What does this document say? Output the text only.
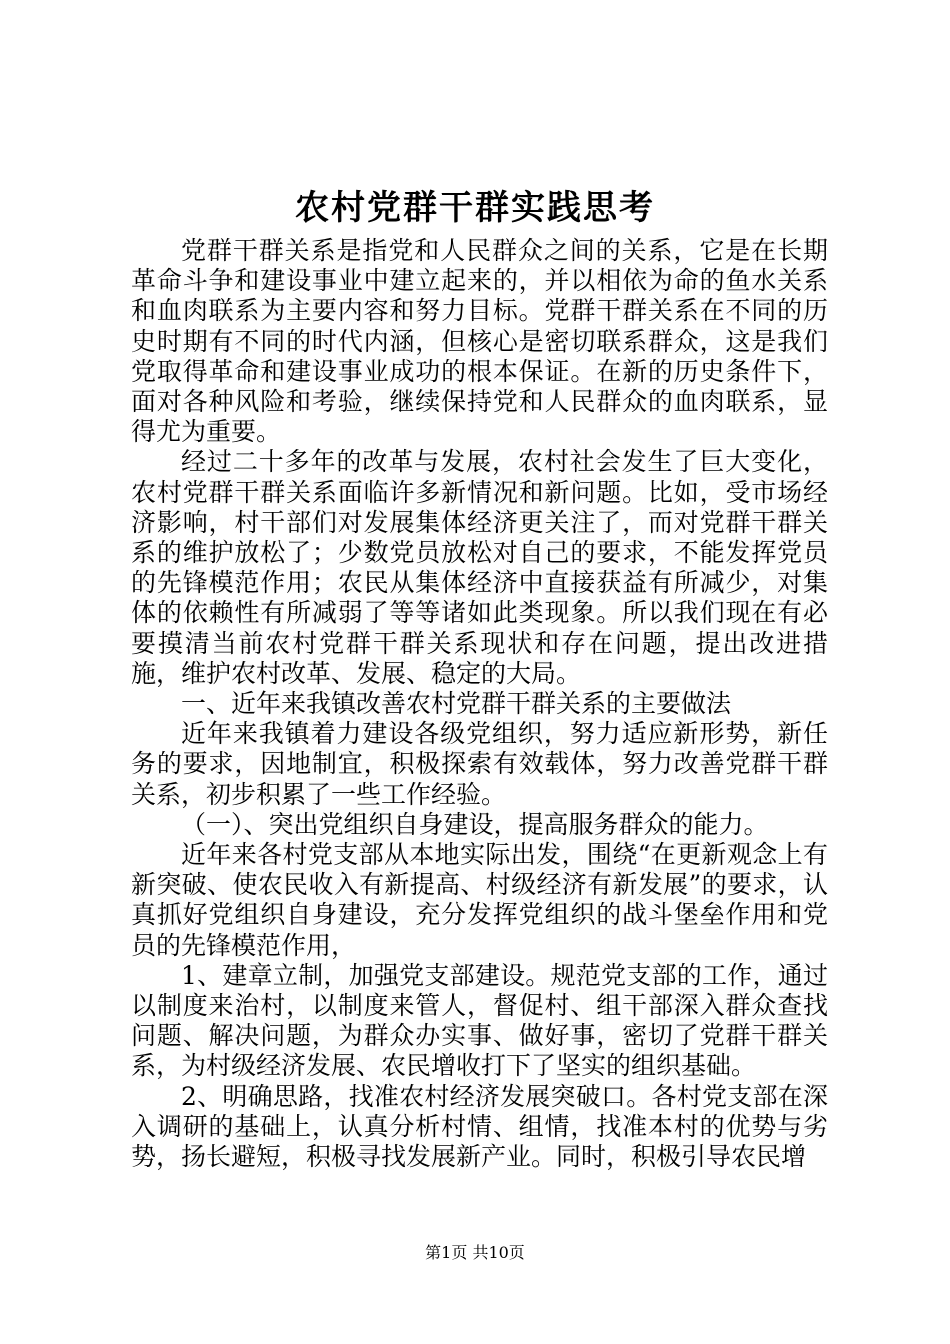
农村党群干群实践思考

党群干群关系是指党和人民群众之间的关系，它是在长期革命斗争和建设事业中建立起来的，并以相依为命的鱼水关系和血肉联系为主要内容和努力目标。党群干群关系在不同的历史时期有不同的时代内涵，但核心是密切联系群众，这是我们党取得革命和建设事业成功的根本保证。在新的历史条件下，面对各种风险和考验，继续保持党和人民群众的血肉联系，显得尤为重要。

经过二十多年的改革与发展，农村社会发生了巨大变化，农村党群干群关系面临许多新情况和新问题。比如，受市场经济影响，村干部们对发展集体经济更关注了，而对党群干群关系的维护放松了；少数党员放松对自己的要求，不能发挥党员的先锋模范作用；农民从集体经济中直接获益有所减少，对集体的依赖性有所减弱了等等诸如此类现象。所以我们现在有必要摸清当前农村党群干群关系现状和存在问题，提出改进措施，维护农村改革、发展、稳定的大局。

一、近年来我镇改善农村党群干群关系的主要做法

近年来我镇着力建设各级党组织，努力适应新形势，新任务的要求，因地制宜，积极探索有效载体，努力改善党群干群关系，初步积累了一些工作经验。

（一）、突出党组织自身建设，提高服务群众的能力。

近年来各村党支部从本地实际出发，围绕“在更新观念上有新突破、使农民收入有新提高、村级经济有新发展”的要求，认真抓好党组织自身建设，充分发挥党组织的战斗堡垒作用和党员的先锋模范作用，

1、建章立制，加强党支部建设。规范党支部的工作，通过以制度来治村，以制度来管人，督促村、组干部深入群众查找问题、解决问题，为群众办实事、做好事，密切了党群干群关系，为村级经济发展、农民增收打下了坚实的组织基础。

2、明确思路，找准农村经济发展突破口。各村党支部在深入调研的基础上，认真分析村情、组情，找准本村的优势与劣势，扬长避短，积极寻找发展新产业。同时，积极引导农民增

第1页 共10页
